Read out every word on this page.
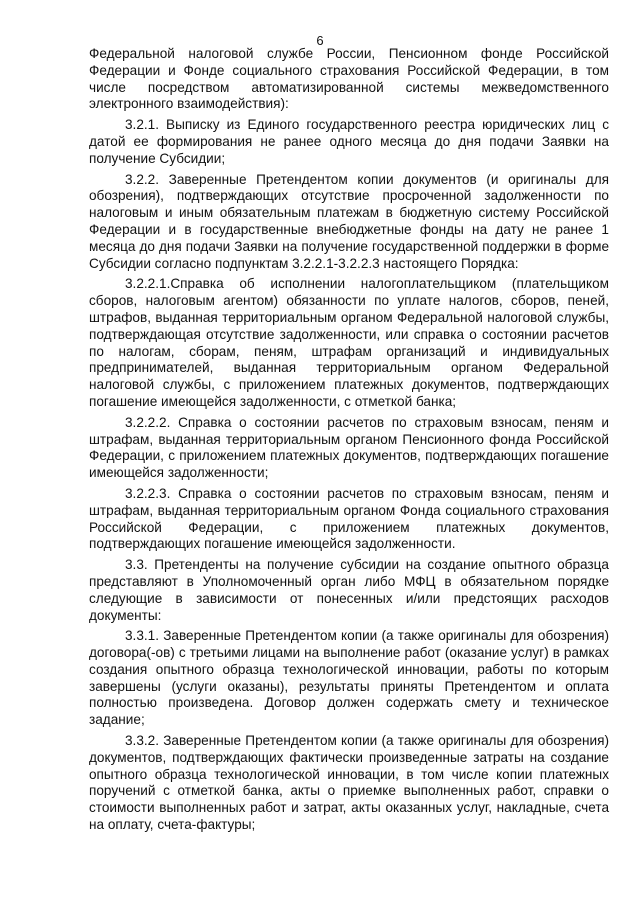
6

Федеральной налоговой службе России, Пенсионном фонде Российской Федерации и Фонде социального страхования Российской Федерации, в том числе посредством автоматизированной системы межведомственного электронного взаимодействия):

3.2.1. Выписку из Единого государственного реестра юридических лиц с датой ее формирования не ранее одного месяца до дня подачи Заявки на получение Субсидии;

3.2.2. Заверенные Претендентом копии документов (и оригиналы для обозрения), подтверждающих отсутствие просроченной задолженности по налоговым и иным обязательным платежам в бюджетную систему Российской Федерации и в государственные внебюджетные фонды на дату не ранее 1 месяца до дня подачи Заявки на получение государственной поддержки в форме Субсидии согласно подпунктам 3.2.2.1-3.2.2.3 настоящего Порядка:

3.2.2.1.Справка об исполнении налогоплательщиком (плательщиком сборов, налоговым агентом) обязанности по уплате налогов, сборов, пеней, штрафов, выданная территориальным органом Федеральной налоговой службы, подтверждающая отсутствие задолженности, или справка о состоянии расчетов по налогам, сборам, пеням, штрафам организаций и индивидуальных предпринимателей, выданная территориальным органом Федеральной налоговой службы, с приложением платежных документов, подтверждающих погашение имеющейся задолженности, с отметкой банка;

3.2.2.2. Справка о состоянии расчетов по страховым взносам, пеням и штрафам, выданная территориальным органом Пенсионного фонда Российской Федерации, с приложением платежных документов, подтверждающих погашение имеющейся задолженности;

3.2.2.3. Справка о состоянии расчетов по страховым взносам, пеням и штрафам, выданная территориальным органом Фонда социального страхования Российской Федерации, с приложением платежных документов, подтверждающих погашение имеющейся задолженности.

3.3. Претенденты на получение субсидии на создание опытного образца представляют в Уполномоченный орган либо МФЦ в обязательном порядке следующие в зависимости от понесенных и/или предстоящих расходов документы:

3.3.1. Заверенные Претендентом копии (а также оригиналы для обозрения) договора(-ов) с третьими лицами на выполнение работ (оказание услуг) в рамках создания опытного образца технологической инновации, работы по которым завершены (услуги оказаны), результаты приняты Претендентом и оплата полностью произведена. Договор должен содержать смету и техническое задание;

3.3.2. Заверенные Претендентом копии (а также оригиналы для обозрения) документов, подтверждающих фактически произведенные затраты на создание опытного образца технологической инновации, в том числе копии платежных поручений с отметкой банка, акты о приемке выполненных работ, справки о стоимости выполненных работ и затрат, акты оказанных услуг, накладные, счета на оплату, счета-фактуры;
